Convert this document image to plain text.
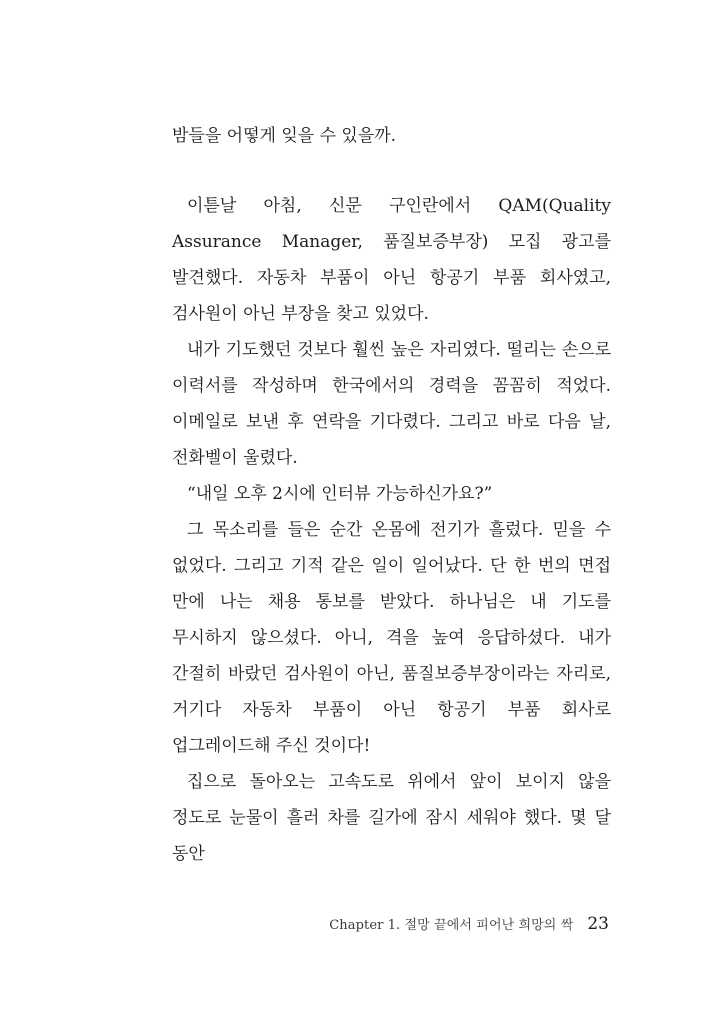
밤들을 어떻게 잊을 수 있을까.

이튿날 아침, 신문 구인란에서 QAM(Quality Assurance Manager, 품질보증부장) 모집 광고를 발견했다. 자동차 부품이 아닌 항공기 부품 회사였고, 검사원이 아닌 부장을 찾고 있었다.

내가 기도했던 것보다 훨씬 높은 자리였다. 떨리는 손으로 이력서를 작성하며 한국에서의 경력을 꼼꼼히 적었다. 이메일로 보낸 후 연락을 기다렸다. 그리고 바로 다음 날, 전화벨이 울렸다.

“내일 오후 2시에 인터뷰 가능하신가요?”

그 목소리를 들은 순간 온몸에 전기가 흘렀다. 믿을 수 없었다. 그리고 기적 같은 일이 일어났다. 단 한 번의 면접 만에 나는 채용 통보를 받았다. 하나님은 내 기도를 무시하지 않으셨다. 아니, 격을 높여 응답하셨다. 내가 간절히 바랐던 검사원이 아닌, 품질보증부장이라는 자리로, 거기다 자동차 부품이 아닌 항공기 부품 회사로 업그레이드해 주신 것이다!

집으로 돌아오는 고속도로 위에서 앞이 보이지 않을 정도로 눈물이 흘러 차를 길가에 잠시 세워야 했다. 몇 달 동안

Chapter 1. 절망 끝에서 피어난 희망의 싹 23
